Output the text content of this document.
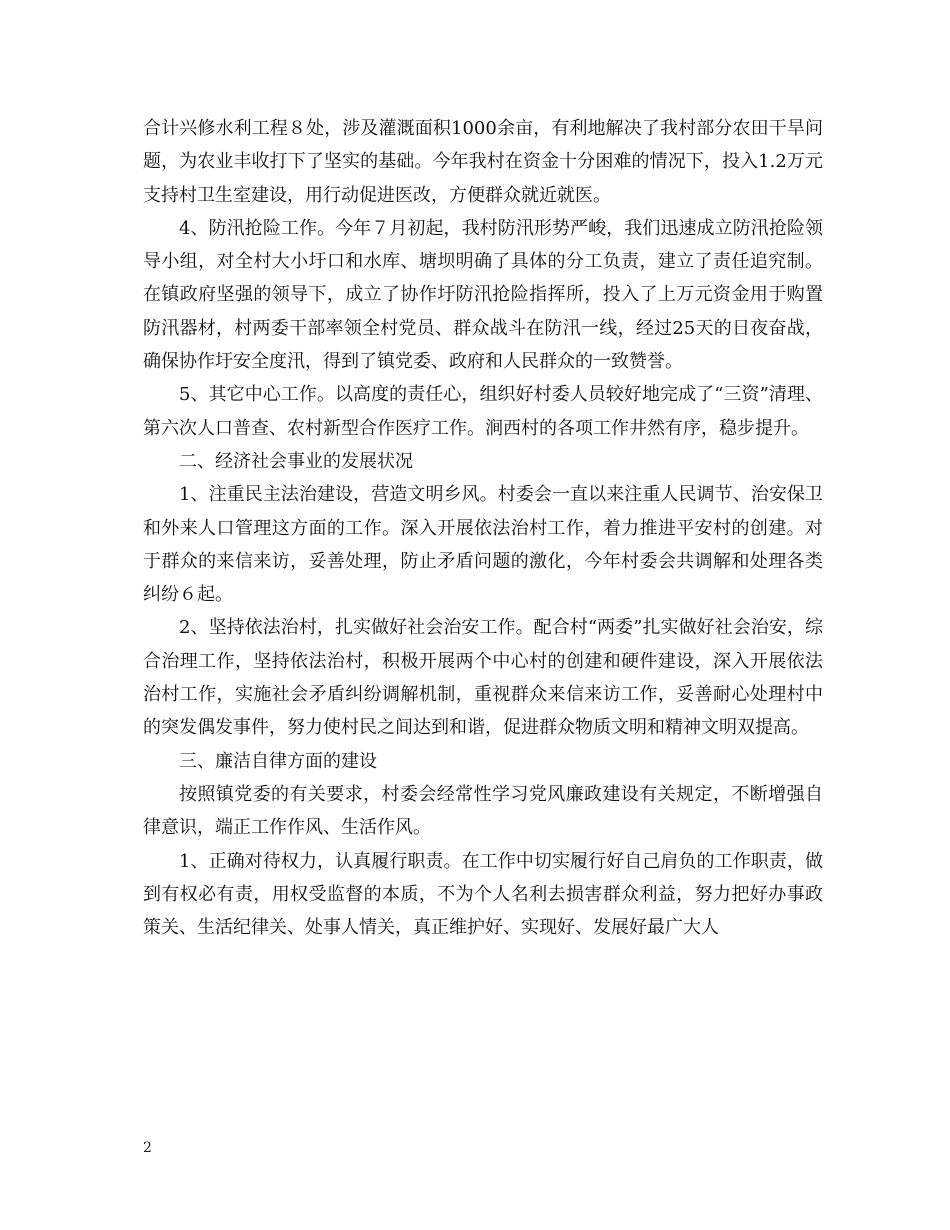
合计兴修水利工程８处，涉及灌溉面积1000余亩，有利地解决了我村部分农田干旱问题，为农业丰收打下了坚实的基础。今年我村在资金十分困难的情况下，投入1.2万元支持村卫生室建设，用行动促进医改，方便群众就近就医。

4、防汛抢险工作。今年７月初起，我村防汛形势严峻，我们迅速成立防汛抢险领导小组，对全村大小圩口和水库、塘坝明确了具体的分工负责，建立了责任追究制。在镇政府坚强的领导下，成立了协作圩防汛抢险指挥所，投入了上万元资金用于购置防汛器材，村两委干部率领全村党员、群众战斗在防汛一线，经过25天的日夜奋战，确保协作圩安全度汛，得到了镇党委、政府和人民群众的一致赞誉。

5、其它中心工作。以高度的责任心，组织好村委人员较好地完成了“三资”清理、第六次人口普查、农村新型合作医疗工作。涧西村的各项工作井然有序，稳步提升。

二、经济社会事业的发展状况

1、注重民主法治建设，营造文明乡风。村委会一直以来注重人民调节、治安保卫和外来人口管理这方面的工作。深入开展依法治村工作，着力推进平安村的创建。对于群众的来信来访，妥善处理，防止矛盾问题的激化，今年村委会共调解和处理各类纠纷６起。

2、坚持依法治村，扎实做好社会治安工作。配合村“两委”扎实做好社会治安，综合治理工作，坚持依法治村，积极开展两个中心村的创建和硬件建设，深入开展依法治村工作，实施社会矛盾纠纷调解机制，重视群众来信来访工作，妥善耐心处理村中的突发偶发事件，努力使村民之间达到和谐，促进群众物质文明和精神文明双提高。

三、廉洁自律方面的建设

按照镇党委的有关要求，村委会经常性学习党风廉政建设有关规定，不断增强自律意识，端正工作作风、生活作风。

1、正确对待权力，认真履行职责。在工作中切实履行好自己肩负的工作职责，做到有权必有责，用权受监督的本质，不为个人名利去损害群众利益，努力把好办事政策关、生活纪律关、处事人情关，真正维护好、实现好、发展好最广大人

2
